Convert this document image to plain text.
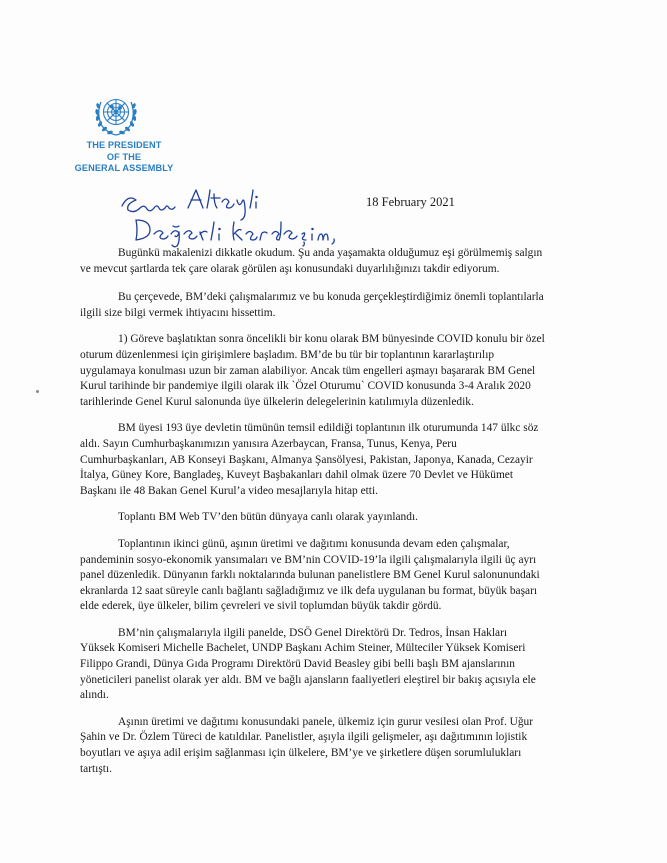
THE PRESIDENT
OF THE
GENERAL ASSEMBLY
18 February 2021

Bugünkü makalenizi dikkatle okudum. Şu anda yaşamakta olduğumuz eşi görülmemiş salgın
ve mevcut şartlarda tek çare olarak görülen aşı konusundaki duyarlılığınızı takdir ediyorum.

Bu çerçevede, BM’deki çalışmalarımız ve bu konuda gerçekleştirdiğimiz önemli toplantılarla
ilgili size bilgi vermek ihtiyacını hissettim.

1) Göreve başlatıktan sonra öncelikli bir konu olarak BM bünyesinde COVID konulu bir özel
oturum düzenlenmesi için girişimlere başladım. BM’de bu tür bir toplantının kararlaştırılıp
uygulamaya konulması uzun bir zaman alabiliyor. Ancak tüm engelleri aşmayı başararak BM Genel
Kurul tarihinde bir pandemiye ilgili olarak ilk `Özel Oturumu` COVID konusunda 3-4 Aralık 2020
tarihlerinde Genel Kurul salonunda üye ülkelerin delegelerinin katılımıyla düzenledik.

BM üyesi 193 üye devletin tümünün temsil edildiği toplantının ilk oturumunda 147 ülkc söz
aldı. Sayın Cumhurbaşkanımızın yanısıra Azerbaycan, Fransa, Tunus, Kenya, Peru
Cumhurbaşkanları, AB Konseyi Başkanı, Almanya Şansölyesi, Pakistan, Japonya, Kanada, Cezayir
İtalya, Güney Kore, Bangladeş, Kuveyt Başbakanları dahil olmak üzere 70 Devlet ve Hükümet
Başkanı ile 48 Bakan Genel Kurul’a video mesajlarıyla hitap etti.

Toplantı BM Web TV’den bütün dünyaya canlı olarak yayınlandı.

Toplantının ikinci günü, aşının üretimi ve dağıtımı konusunda devam eden çalışmalar,
pandeminin sosyo-ekonomik yansımaları ve BM’nin COVID-19’la ilgili çalışmalarıyla ilgili üç ayrı
panel düzenledik. Dünyanın farklı noktalarında bulunan panelistlere BM Genel Kurul salonunundaki
ekranlarda 12 saat süreyle canlı bağlantı sağladığımız ve ilk defa uygulanan bu format, büyük başarı
elde ederek, üye ülkeler, bilim çevreleri ve sivil toplumdan büyük takdir gördü.

BM’nin çalışmalarıyla ilgili panelde, DSÖ Genel Direktörü Dr. Tedros, İnsan Hakları
Yüksek Komiseri Michelle Bachelet, UNDP Başkanı Achim Steiner, Mülteciler Yüksek Komiseri
Filippo Grandi, Dünya Gıda Programı Direktörü David Beasley gibi belli başlı BM ajanslarının
yöneticileri panelist olarak yer aldı. BM ve bağlı ajansların faaliyetleri eleştirel bir bakış açısıyla ele
alındı.

Aşının üretimi ve dağıtımı konusundaki panele, ülkemiz için gurur vesilesi olan Prof. Uğur
Şahin ve Dr. Özlem Türeci de katıldılar. Panelistler, aşıyla ilgili gelişmeler, aşı dağıtımının lojistik
boyutları ve aşıya adil erişim sağlanması için ülkelere, BM’ye ve şirketlere düşen sorumlulukları
tartıştı.
